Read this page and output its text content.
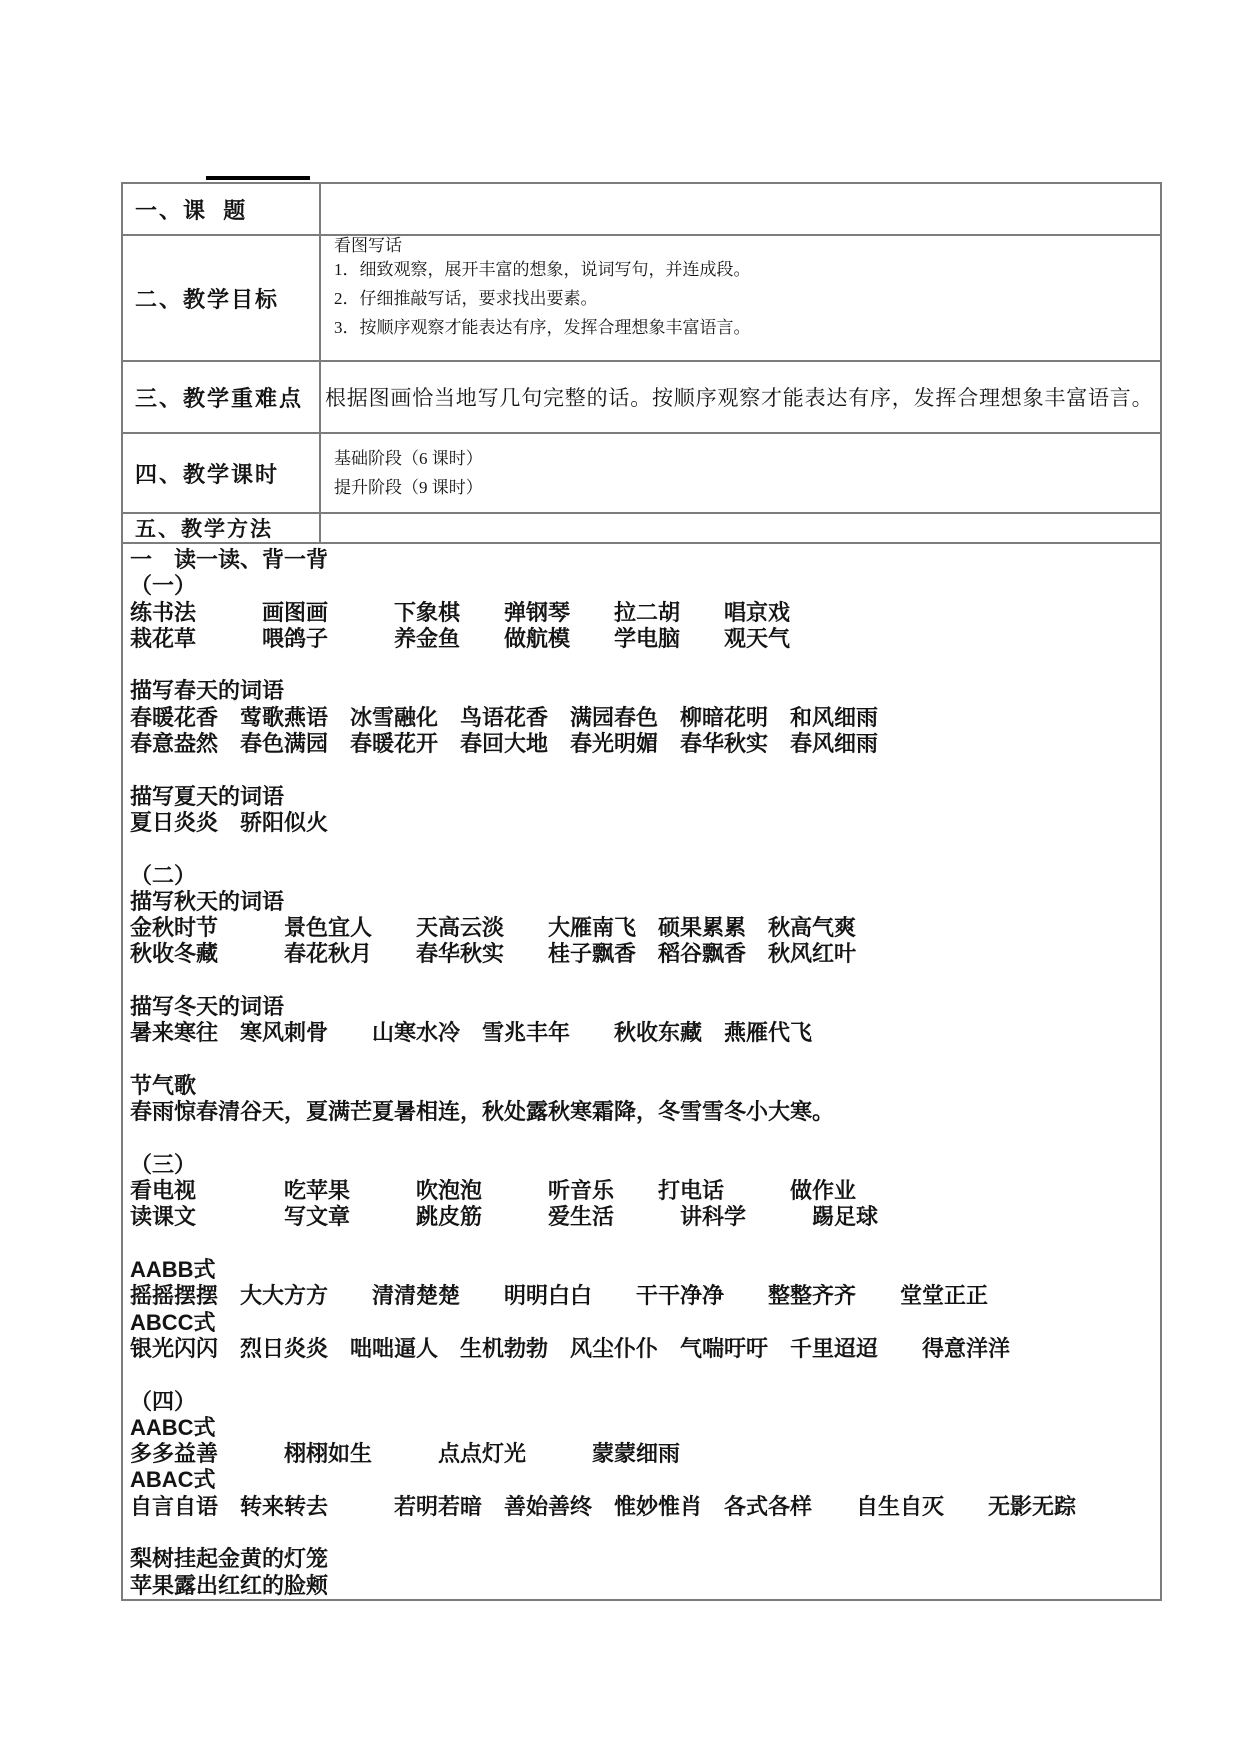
一、课  题

看图写话

二、教学目标
1．细致观察，展开丰富的想象，说词写句，并连成段。
2．仔细推敲写话，要求找出要素。
3．按顺序观察才能表达有序，发挥合理想象丰富语言。
三、教学重难点	根据图画恰当地写几句完整的话。按顺序观察才能表达有序，发挥合理想象丰富语言。
四、教学课时
基础阶段（6 课时）
提升阶段（9 课时）
五、教学方法
一　读一读、背一背
（一）
练书法　　　画图画　　　下象棋　　弹钢琴　　拉二胡　　唱京戏
栽花草　　　喂鸽子　　　养金鱼　　做航模　　学电脑　　观天气

描写春天的词语
春暖花香　莺歌燕语　冰雪融化　鸟语花香　满园春色　柳暗花明　和风细雨
春意盎然　春色满园　春暖花开　春回大地　春光明媚　春华秋实　春风细雨

描写夏天的词语
夏日炎炎　骄阳似火

（二）
描写秋天的词语
金秋时节　　　景色宜人　　天高云淡　　大雁南飞　硕果累累　秋高气爽
秋收冬藏　　　春花秋月　　春华秋实　　桂子飘香　稻谷飘香　秋风红叶

描写冬天的词语
暑来寒往　寒风刺骨　　山寒水冷　雪兆丰年　　秋收东藏　燕雁代飞

节气歌
春雨惊春清谷天，夏满芒夏暑相连，秋处露秋寒霜降，冬雪雪冬小大寒。

（三）
看电视　　　　吃苹果　　　吹泡泡　　　听音乐　　打电话　　　做作业
读课文　　　　写文章　　　跳皮筋　　　爱生活　　　讲科学　　　踢足球

AABB式
摇摇摆摆　大大方方　　清清楚楚　　明明白白　　干干净净　　整整齐齐　　堂堂正正
ABCC式
银光闪闪　烈日炎炎　咄咄逼人　生机勃勃　风尘仆仆　气喘吁吁　千里迢迢　　得意洋洋

（四）
AABC式
多多益善　　　栩栩如生　　　点点灯光　　　蒙蒙细雨
ABAC式
自言自语　转来转去　　　若明若暗　善始善终　惟妙惟肖　各式各样　　自生自灭　　无影无踪

梨树挂起金黄的灯笼
苹果露出红红的脸颊
